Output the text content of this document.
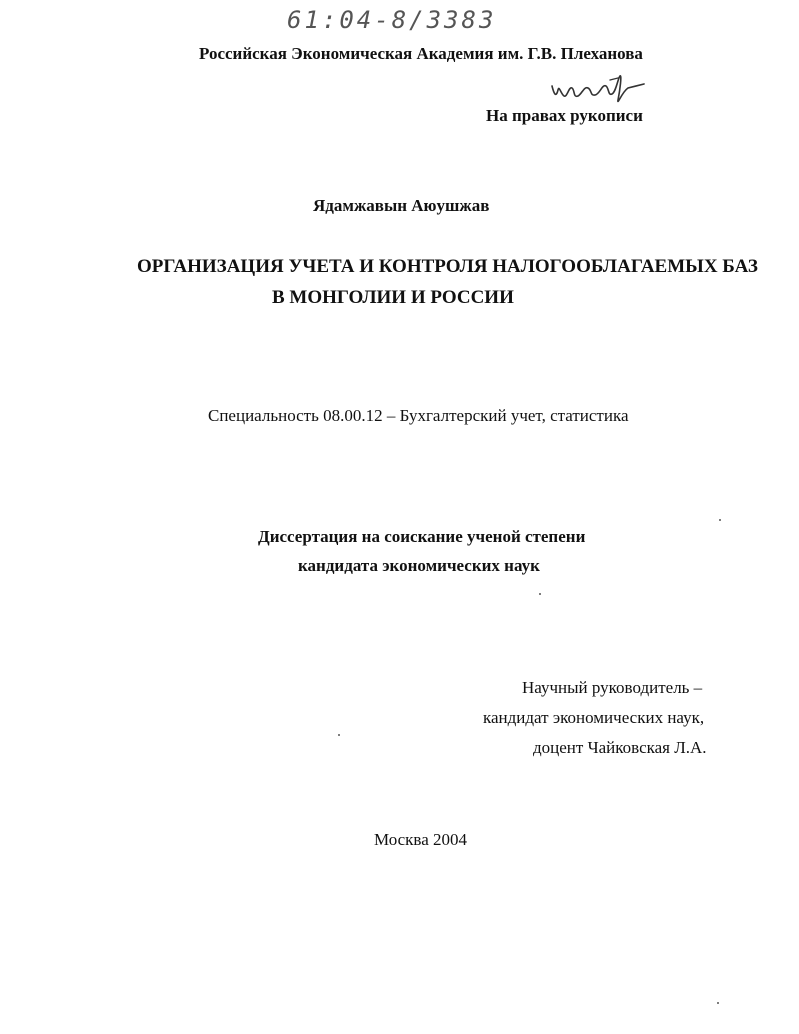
61:04-8/3383
Российская Экономическая Академия им. Г.В. Плеханова
На правах рукописи
Ядамжавын Аюушжав
ОРГАНИЗАЦИЯ УЧЕТА И КОНТРОЛЯ НАЛОГООБЛАГАЕМЫХ БАЗ
В МОНГОЛИИ И РОССИИ
Специальность 08.00.12 – Бухгалтерский учет, статистика
Диссертация на соискание ученой степени
кандидата экономических наук
Научный руководитель –
кандидат экономических наук,
доцент Чайковская Л.А.
Москва 2004
